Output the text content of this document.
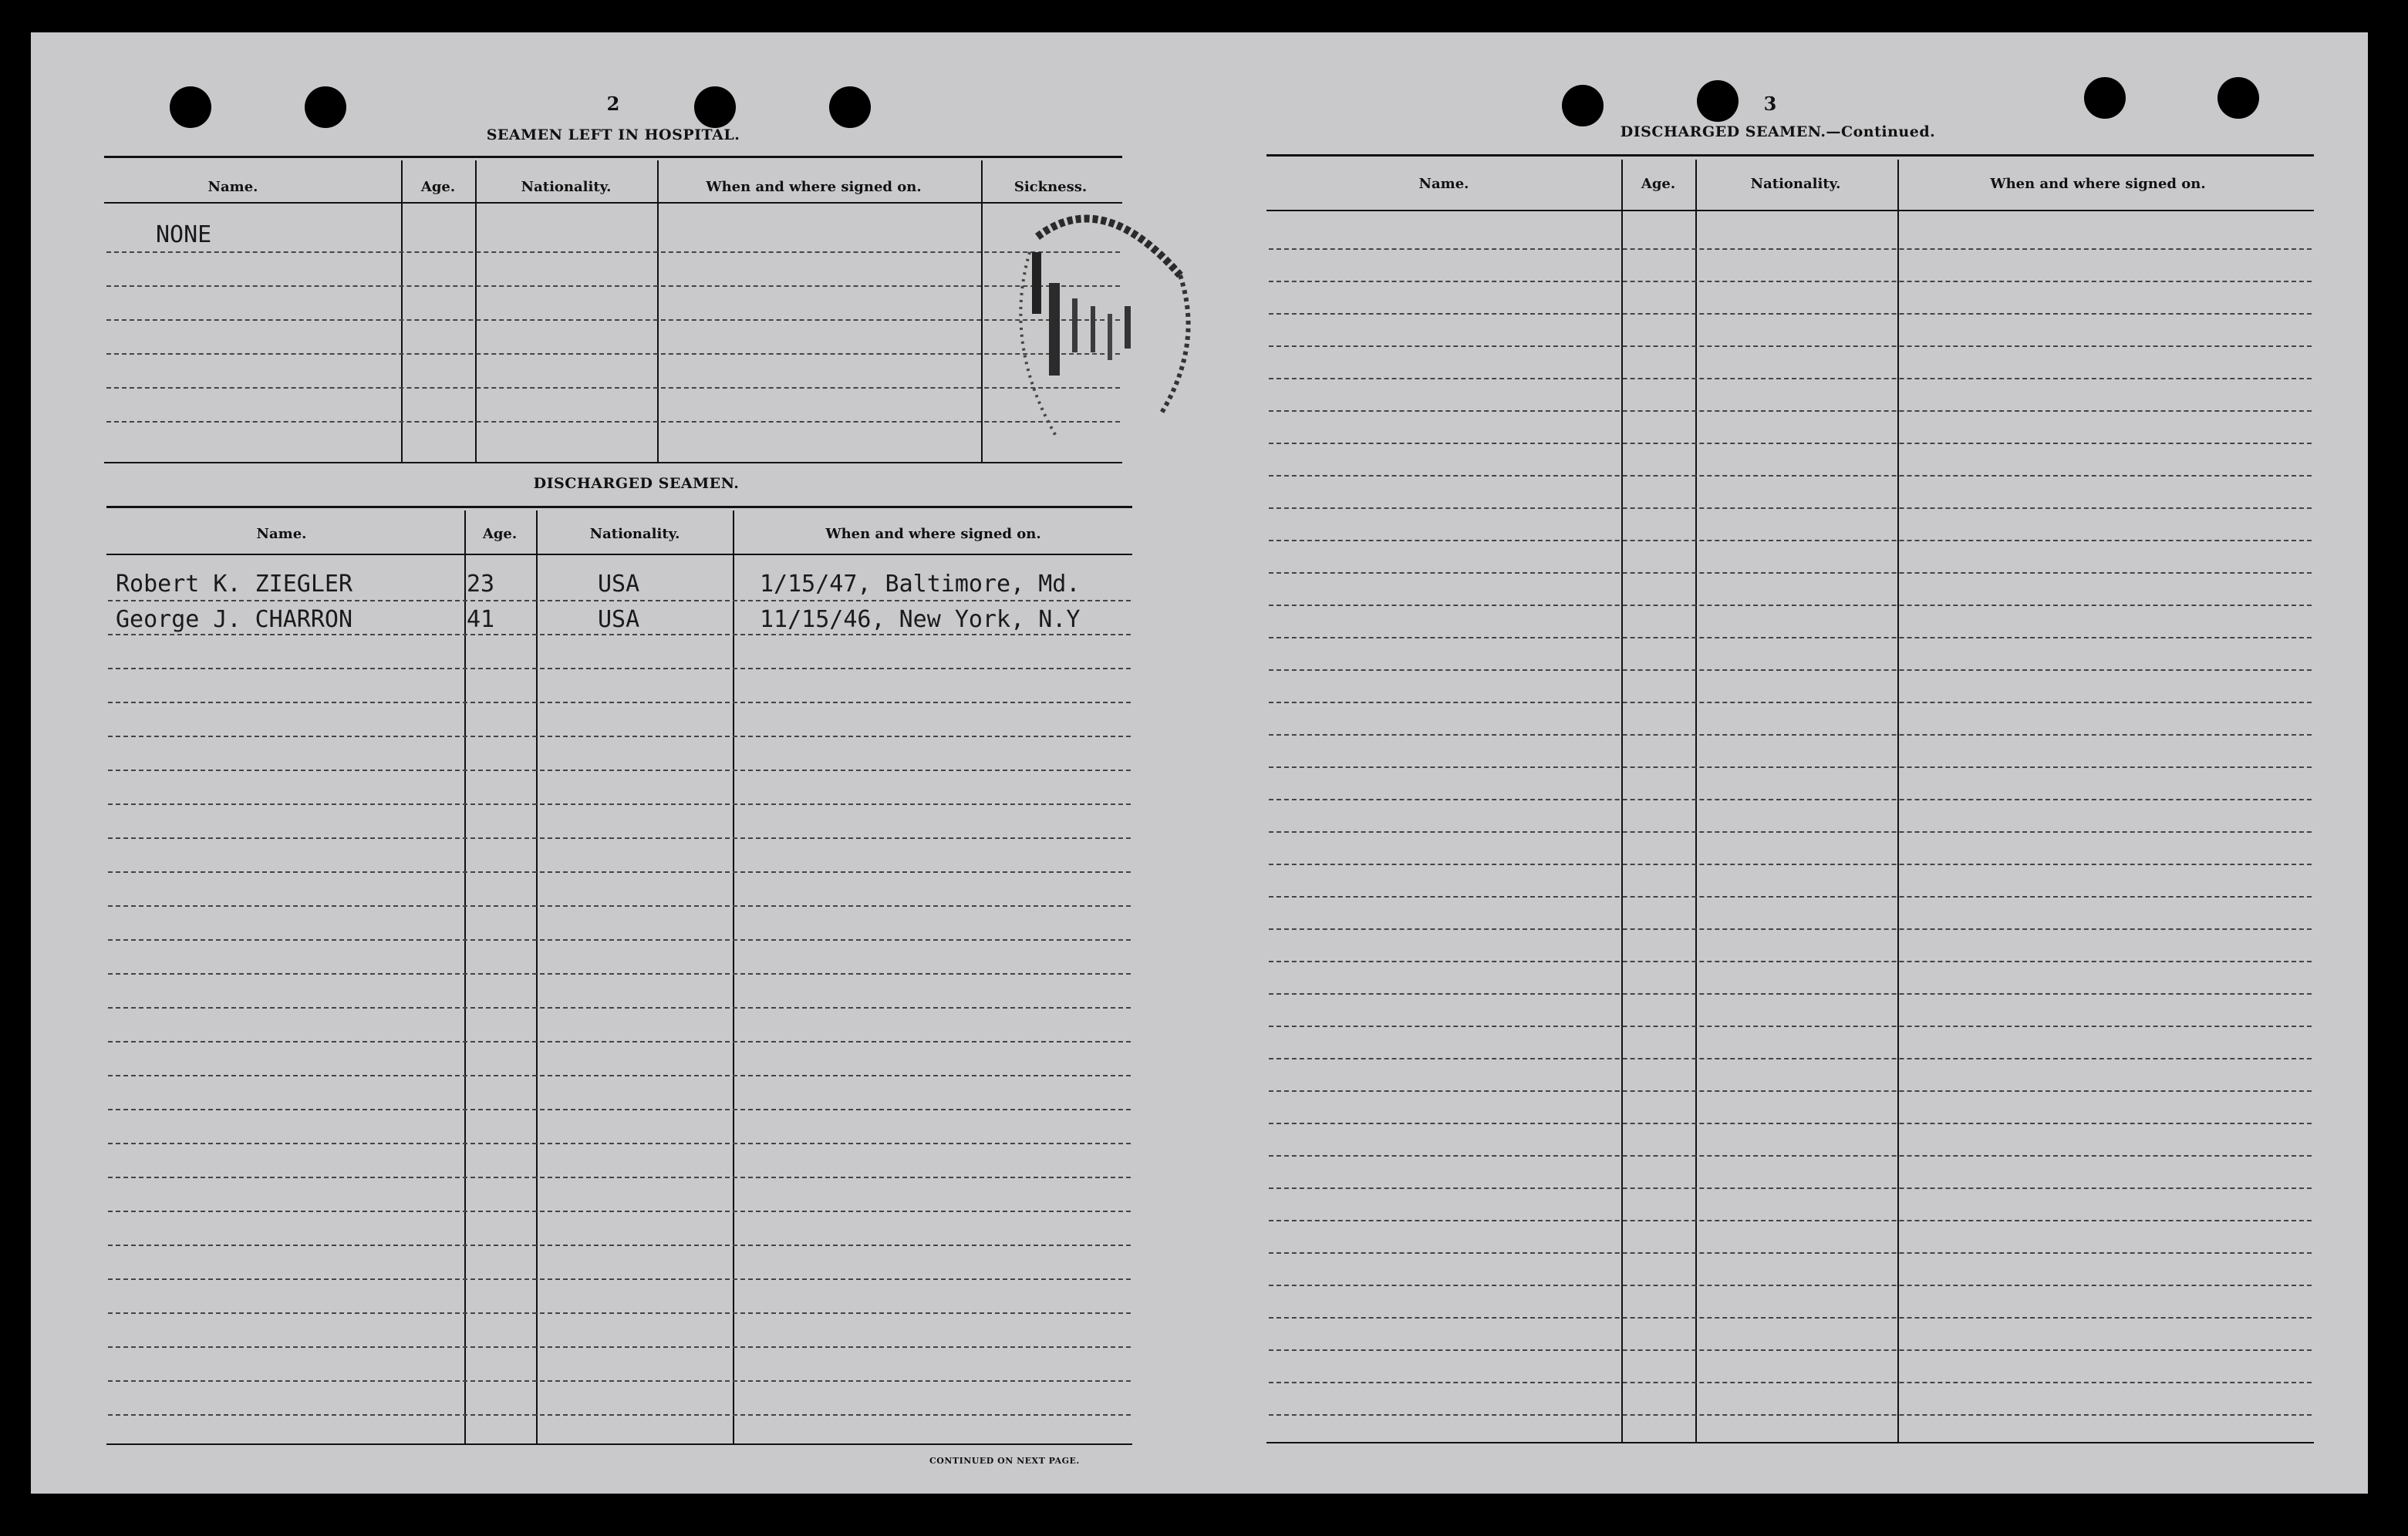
2
SEAMEN LEFT IN HOSPITAL.
Name.	Age.	Nationality.	When and where signed on.	Sickness.
NONE
DISCHARGED SEAMEN.
Name.	Age.	Nationality.	When and where signed on.
Robert K. ZIEGLER	23	USA	1/15/47, Baltimore, Md.
George J. CHARRON	41	USA	11/15/46, New York, N.Y
CONTINUED ON NEXT PAGE.
3
DISCHARGED SEAMEN.—Continued.
Name.	Age.	Nationality.	When and where signed on.
